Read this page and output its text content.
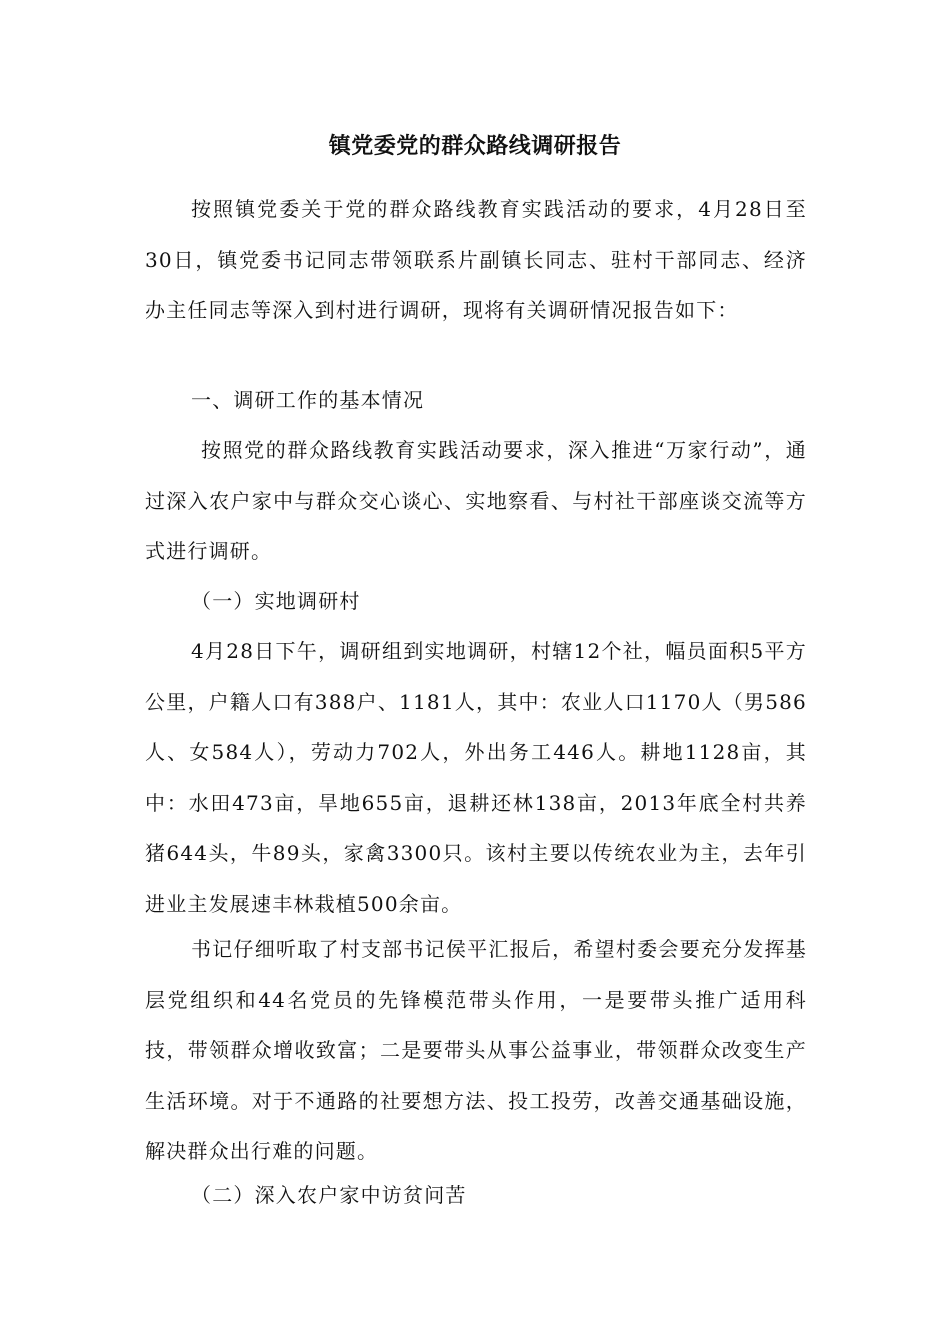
镇党委党的群众路线调研报告

按照镇党委关于党的群众路线教育实践活动的要求，4月28日至30日，镇党委书记同志带领联系片副镇长同志、驻村干部同志、经济办主任同志等深入到村进行调研，现将有关调研情况报告如下：

一、调研工作的基本情况

按照党的群众路线教育实践活动要求，深入推进“万家行动”，通过深入农户家中与群众交心谈心、实地察看、与村社干部座谈交流等方式进行调研。

（一）实地调研村

4月28日下午，调研组到实地调研，村辖12个社，幅员面积5平方公里，户籍人口有388户、1181人，其中：农业人口1170人（男586人、女584人），劳动力702人，外出务工446人。耕地1128亩，其中：水田473亩，旱地655亩，退耕还林138亩，2013年底全村共养猪644头，牛89头，家禽3300只。该村主要以传统农业为主，去年引进业主发展速丰林栽植500余亩。

书记仔细听取了村支部书记侯平汇报后，希望村委会要充分发挥基层党组织和44名党员的先锋模范带头作用，一是要带头推广适用科技，带领群众增收致富；二是要带头从事公益事业，带领群众改变生产生活环境。对于不通路的社要想方法、投工投劳，改善交通基础设施，解决群众出行难的问题。

（二）深入农户家中访贫问苦
